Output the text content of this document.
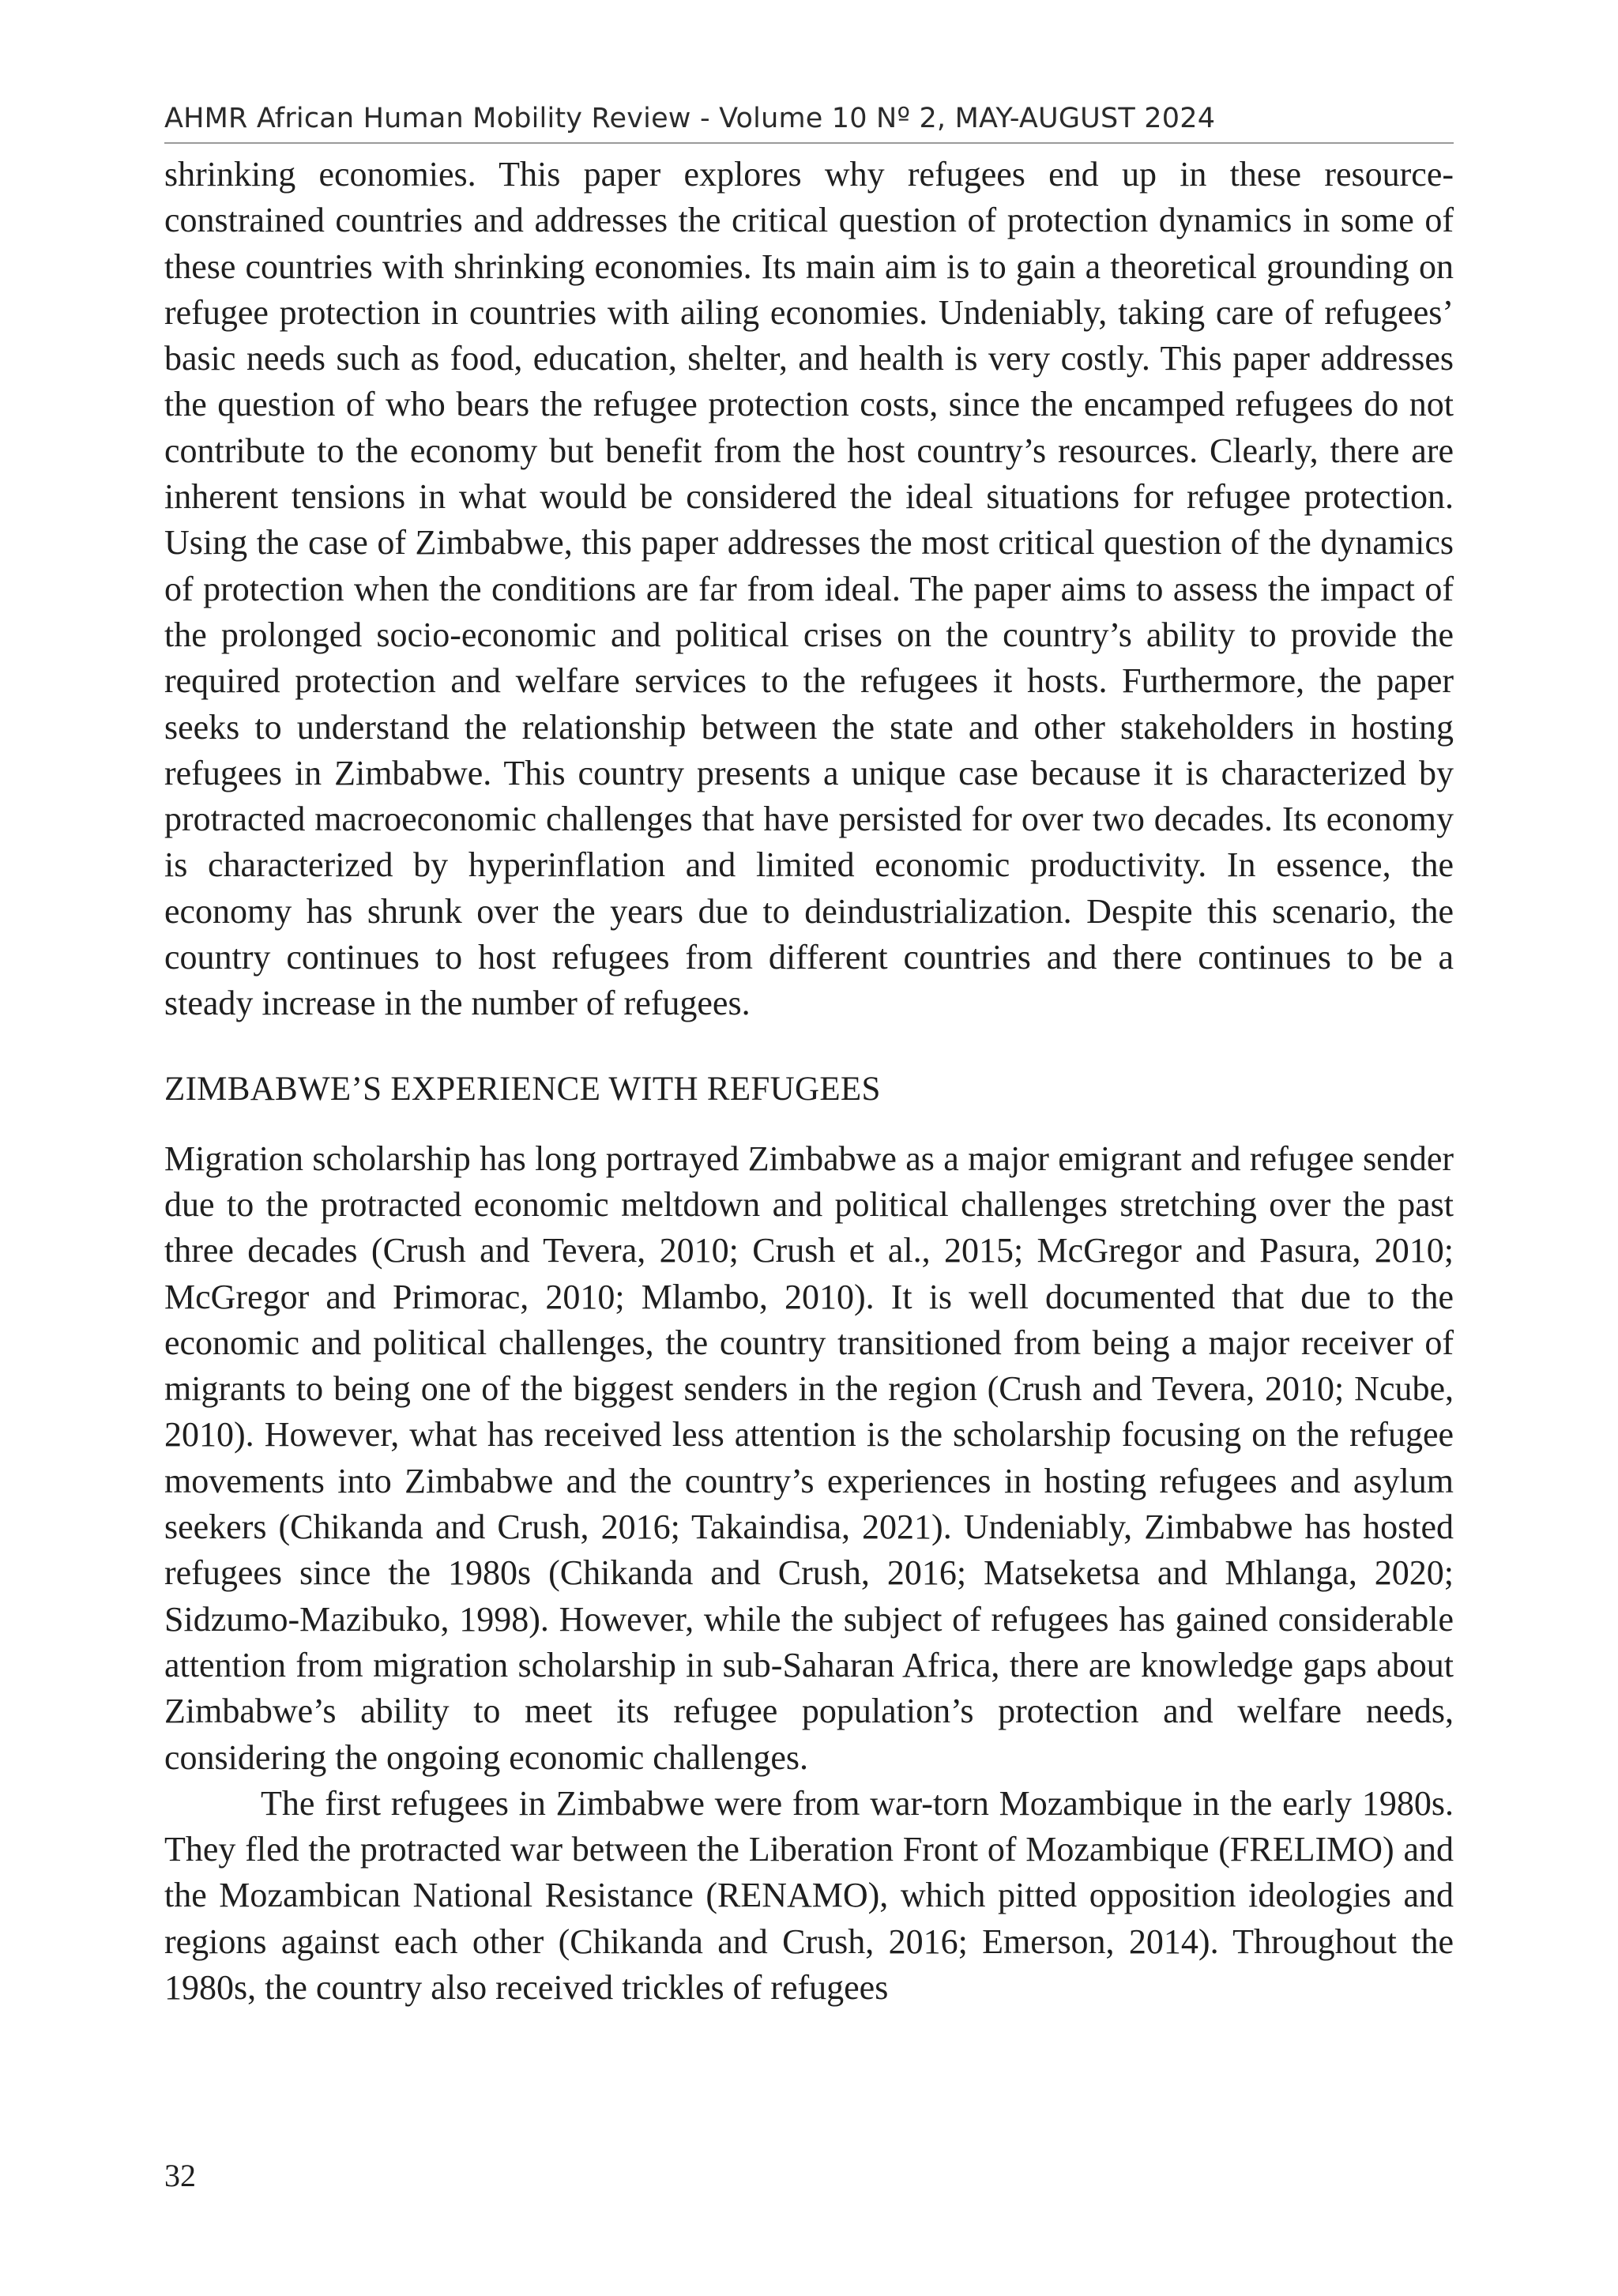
AHMR African Human Mobility Review - Volume 10 Nº 2, MAY-AUGUST 2024

shrinking economies. This paper explores why refugees end up in these resource-constrained countries and addresses the critical question of protection dynamics in some of these countries with shrinking economies. Its main aim is to gain a theoretical grounding on refugee protection in countries with ailing economies. Undeniably, taking care of refugees’ basic needs such as food, education, shelter, and health is very costly. This paper addresses the question of who bears the refugee protection costs, since the encamped refugees do not contribute to the economy but benefit from the host country’s resources. Clearly, there are inherent tensions in what would be considered the ideal situations for refugee protection. Using the case of Zimbabwe, this paper addresses the most critical question of the dynamics of protection when the conditions are far from ideal. The paper aims to assess the impact of the prolonged socio-economic and political crises on the country’s ability to provide the required protection and welfare services to the refugees it hosts. Furthermore, the paper seeks to understand the relationship between the state and other stakeholders in hosting refugees in Zimbabwe. This country presents a unique case because it is characterized by protracted macroeconomic challenges that have persisted for over two decades. Its economy is characterized by hyperinflation and limited economic productivity. In essence, the economy has shrunk over the years due to deindustrialization. Despite this scenario, the country continues to host refugees from different countries and there continues to be a steady increase in the number of refugees.

ZIMBABWE’S EXPERIENCE WITH REFUGEES

Migration scholarship has long portrayed Zimbabwe as a major emigrant and refugee sender due to the protracted economic meltdown and political challenges stretching over the past three decades (Crush and Tevera, 2010; Crush et al., 2015; McGregor and Pasura, 2010; McGregor and Primorac, 2010; Mlambo, 2010). It is well documented that due to the economic and political challenges, the country transitioned from being a major receiver of migrants to being one of the biggest senders in the region (Crush and Tevera, 2010; Ncube, 2010). However, what has received less attention is the scholarship focusing on the refugee movements into Zimbabwe and the country’s experiences in hosting refugees and asylum seekers (Chikanda and Crush, 2016; Takaindisa, 2021). Undeniably, Zimbabwe has hosted refugees since the 1980s (Chikanda and Crush, 2016; Matseketsa and Mhlanga, 2020; Sidzumo-Mazibuko, 1998). However, while the subject of refugees has gained considerable attention from migration scholarship in sub-Saharan Africa, there are knowledge gaps about Zimbabwe’s ability to meet its refugee population’s protection and welfare needs, considering the ongoing economic challenges.

The first refugees in Zimbabwe were from war-torn Mozambique in the early 1980s. They fled the protracted war between the Liberation Front of Mozambique (FRELIMO) and the Mozambican National Resistance (RENAMO), which pitted opposition ideologies and regions against each other (Chikanda and Crush, 2016; Emerson, 2014). Throughout the 1980s, the country also received trickles of refugees

32
